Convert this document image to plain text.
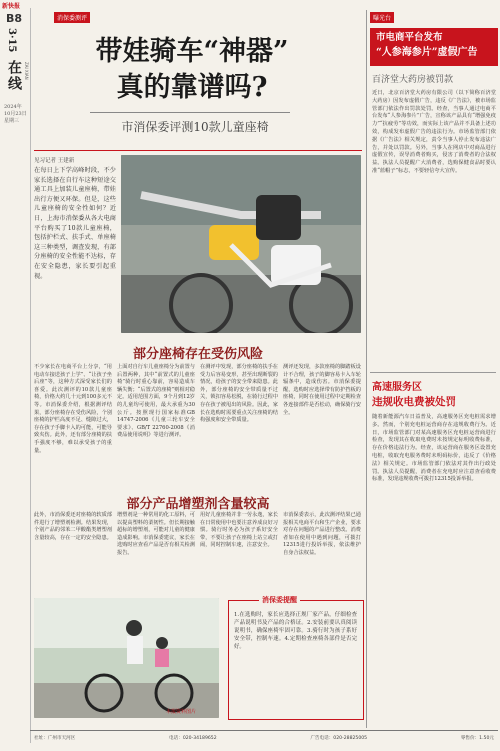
新快报
B8
3·15
在线 ZAI XIAN
2024年
10月23日
星期三
消保委测评	曝光台
带娃骑车“神器”
真的靠谱吗?
市消保委评测10款儿童座椅
见习记者 王建新
在每日上下学高峰时段，不少家长选择在自行车这种短途交通工具上加装儿童座椅，带娃出行方便又环保。但是，这些儿童座椅的安全性如何？近日，上海市消保委从各大电商平台购买了10款儿童座椅，包括护栏式、扶手式、单座椅这三种类型，调查发现，有部分座椅的安全性能不达标，存在安全隐患，家长要引起重视。
部分座椅存在受伤风险
不少家长在电商平台上分享，“用电动车接送孩子上学”、“让孩子坐后座”等，这种方式深受家长们的喜爱。此次测评的10款儿童座椅，价格大约几十元到100多元不等。市消保委介绍，根据测评结果，部分座椅存在受伤风险，个别座椅的护栏高度不足、缝隙过大，存在孩子手脚卡入的可能，可能导致夹伤。此外，还有部分座椅的扶手强度不够，难以承受孩子的重量。
上面对自行车儿童座椅分为前置与后置两种，其中“前置式的儿童座椅”骑行时重心靠前，容易造成车辆失衡；“后置式的座椅”则相对稳定。适用范围方面，9个月到12岁的儿童均可使用，最大承重为30公斤。按照现行国家标准GB 14747-2006《儿童三轮车安全要求》、GB/T 22760-2008《消费品使用说明》等进行测评。
在测评中发现，部分座椅的扶手在受力后容易变形，甚至出现断裂的情况，给孩子的安全带来隐患。此外，部分座椅的安全带质量不过关，锁扣容易松脱，在骑行过程中存在孩子被甩出的风险。因此，家长在选购时需要重点关注座椅的结构强度和安全带质量。
测评还发现，多款座椅的脚踏板设计不合理，孩子的脚容易卡入车轮辐条中，造成伤害。市消保委提醒，选购时应选择带有防护挡板的座椅，同时在使用过程中定期检查各连接部件是否松动，确保骑行安全。
部分产品增塑剂含量较高
此外，市消保委还对座椅的软质部件进行了增塑剂检测。结果发现，个别产品的邻苯二甲酸酯类增塑剂含量较高，存在一定的安全隐患。
增塑剂是一种常用的化工原料，可以提高塑料的柔韧性。但长期接触超标的增塑剂，可能对儿童的健康造成影响。市消保委建议，家长在选购时应查看产品是否有相关检测报告。
用好儿童座椅并非一劳永逸，家长在日常使用中也要注意养成良好习惯。骑行时务必为孩子系好安全带，不要让孩子在座椅上站立或打闹，同时控制车速，注意安全。
市消保委表示，此次测评结果已通报相关电商平台和生产企业，要求对存在问题的产品进行整改。消费者如在使用中遇到问题，可拨打12315进行投诉举报，依法维护自身合法权益。
本报资料图片
消保委提醒
1.在选购时，家长应选择正规厂家产品，仔细检查产品说明书及产品的合格证。2.安装前要认真阅读说明书，确保座椅牢固可靠。3.骑行时为孩子系好安全带，控制车速。4.定期检查座椅各部件是否完好。
市电商平台发布
“人参海参片”虚假广告
百济堂大药房被罚款
近日，北京百济堂大药房有限公司（以下简称百济堂大药房）因发布虚假广告，违反《广告法》，被市场监管部门依法作出罚款处罚。经查，当事人通过电商平台发布“人参海参片”广告，宣称该产品具有“增强免疫力”“抗疲劳”等功效，而实际上该产品并不具备上述功效，构成发布虚假广告的违法行为。市场监管部门依据《广告法》相关规定，责令当事人停止发布违法广告，并处以罚款。另外，当事人在网店中对商品进行虚假宣传，误导消费者购买，侵害了消费者的合法权益。执法人员提醒广大消费者，选购保健食品时要认准“蓝帽子”标志，不要轻信夸大宣传。
高速服务区
违规收电费被处罚
随着新能源汽车日益普及，高速服务区充电桩需求增多。然而，个别充电桩运营商存在违规收费行为。近日，市场监管部门对某高速服务区充电桩运营商进行检查，发现其在收取电费时未按规定标明收费标准，存在价格违法行为。经查，该运营商在服务区设置充电桩，收取充电服务费时未明码标价，违反了《价格法》相关规定。市场监管部门依法对其作出行政处罚。执法人员提醒，消费者在充电时应注意查看收费标准，发现违规收费可拨打12315投诉举报。
社址：广州市天河区	电话：020-34189652	广告电话：020-28825005	零售价：1.50元
